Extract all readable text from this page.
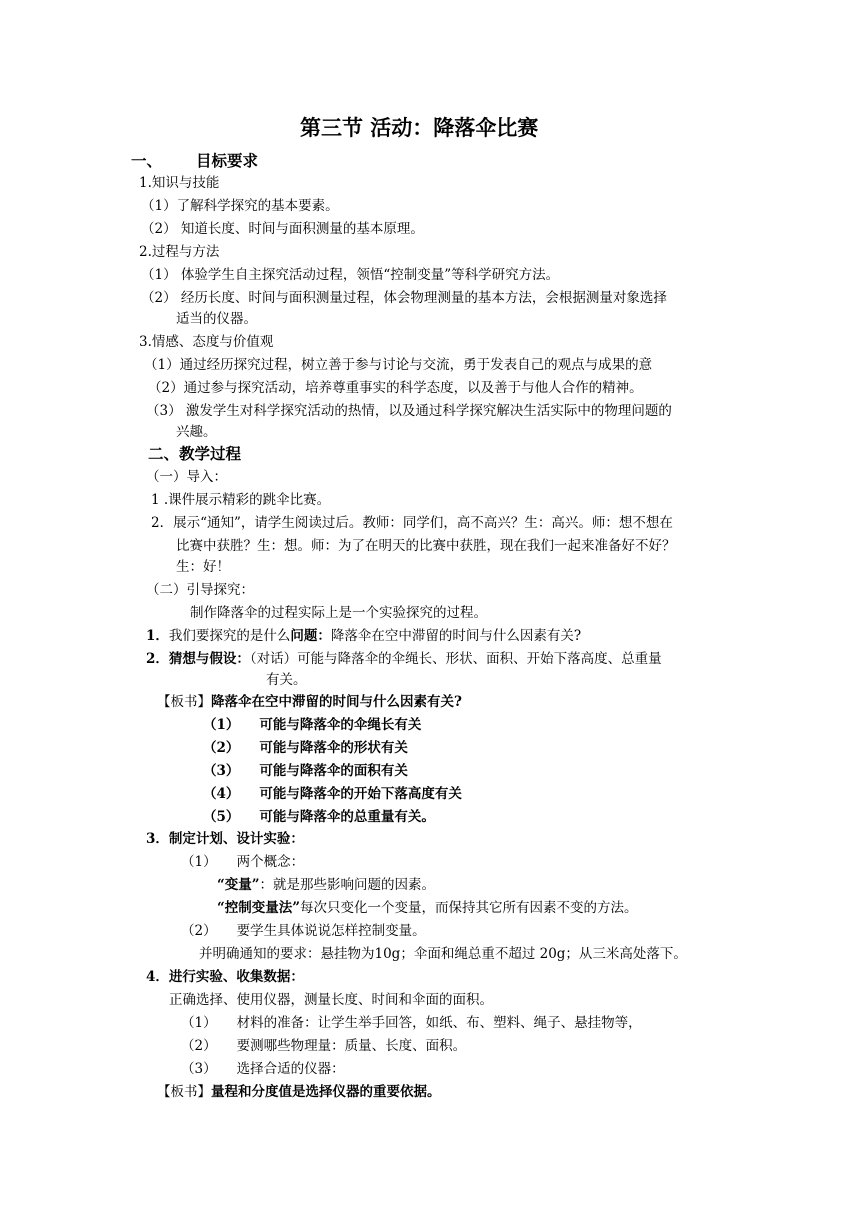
第三节 活动：降落伞比赛
一、 目标要求
1.知识与技能
（1）了解科学探究的基本要素。
（2） 知道长度、时间与面积测量的基本原理。
2.过程与方法
（1） 体验学生自主探究活动过程，领悟“控制变量”等科学研究方法。
（2） 经历长度、时间与面积测量过程，体会物理测量的基本方法，会根据测量对象选择
适当的仪器。
3.情感、态度与价值观
（1）通过经历探究过程，树立善于参与讨论与交流，勇于发表自己的观点与成果的意
（2）通过参与探究活动，培养尊重事实的科学态度，以及善于与他人合作的精神。
（3） 激发学生对科学探究活动的热情，以及通过科学探究解决生活实际中的物理问题的
兴趣。
二、教学过程
（一）导入：
1 .课件展示精彩的跳伞比赛。
2．展示“通知”，请学生阅读过后。教师：同学们，高不高兴？生：高兴。师：想不想在
比赛中获胜？生：想。师：为了在明天的比赛中获胜，现在我们一起来准备好不好？
生：好！
（二）引导探究：
制作降落伞的过程实际上是一个实验探究的过程。
1．我们要探究的是什么问题：降落伞在空中滞留的时间与什么因素有关?
2．猜想与假设：（对话）可能与降落伞的伞绳长、形状、面积、开始下落高度、总重量
有关。
【板书】降落伞在空中滞留的时间与什么因素有关?
（1） 可能与降落伞的伞绳长有关
（2） 可能与降落伞的形状有关
（3） 可能与降落伞的面积有关
（4） 可能与降落伞的开始下落高度有关
（5） 可能与降落伞的总重量有关。
3．制定计划、设计实验：
（1） 两个概念：
“变量”：就是那些影响问题的因素。
“控制变量法”每次只变化一个变量，而保持其它所有因素不变的方法。
（2） 要学生具体说说怎样控制变量。
并明确通知的要求：悬挂物为10g；伞面和绳总重不超过 20g；从三米高处落下。
4．进行实验、收集数据：
正确选择、使用仪器，测量长度、时间和伞面的面积。
（1） 材料的准备：让学生举手回答，如纸、布、塑料、绳子、悬挂物等，
（2） 要测哪些物理量：质量、长度、面积。
（3） 选择合适的仪器：
【板书】量程和分度值是选择仪器的重要依据。
